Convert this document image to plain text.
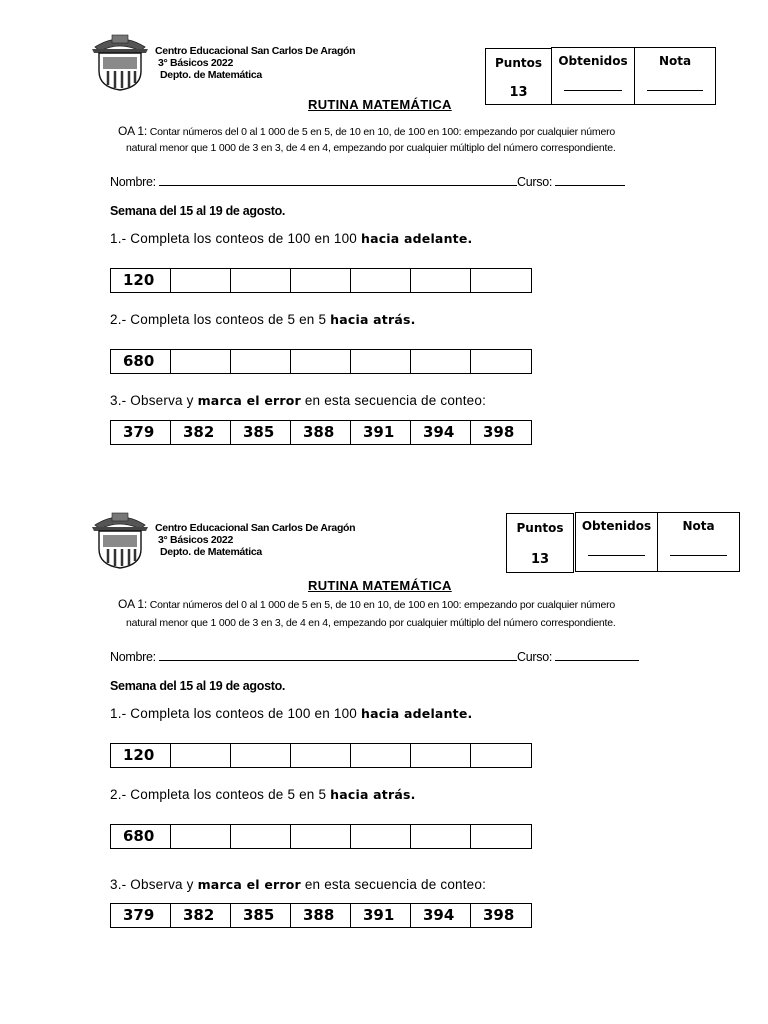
Centro Educacional San Carlos De Aragón
3° Básicos 2022
Depto. de Matemática
Puntos
13
Obtenidos	Nota
RUTINA MATEMÁTICA
OA 1: Contar números del 0 al 1 000 de 5 en 5, de 10 en 10, de 100 en 100: empezando por cualquier número
natural menor que 1 000 de 3 en 3, de 4 en 4, empezando por cualquier múltiplo del número correspondiente.
Nombre:	Curso:
Semana del 15 al 19 de agosto.
1.- Completa los conteos de 100 en 100 hacia adelante.
120
2.- Completa los conteos de 5 en 5 hacia atrás.
680
3.- Observa y marca el error en esta secuencia de conteo:
379	382	385	388	391	394	398
Centro Educacional San Carlos De Aragón
3° Básicos 2022
Depto. de Matemática
Puntos
13
Obtenidos	Nota
RUTINA MATEMÁTICA
OA 1: Contar números del 0 al 1 000 de 5 en 5, de 10 en 10, de 100 en 100: empezando por cualquier número
natural menor que 1 000 de 3 en 3, de 4 en 4, empezando por cualquier múltiplo del número correspondiente.
Nombre:	Curso:
Semana del 15 al 19 de agosto.
1.- Completa los conteos de 100 en 100 hacia adelante.
120
2.- Completa los conteos de 5 en 5 hacia atrás.
680
3.- Observa y marca el error en esta secuencia de conteo:
379	382	385	388	391	394	398
